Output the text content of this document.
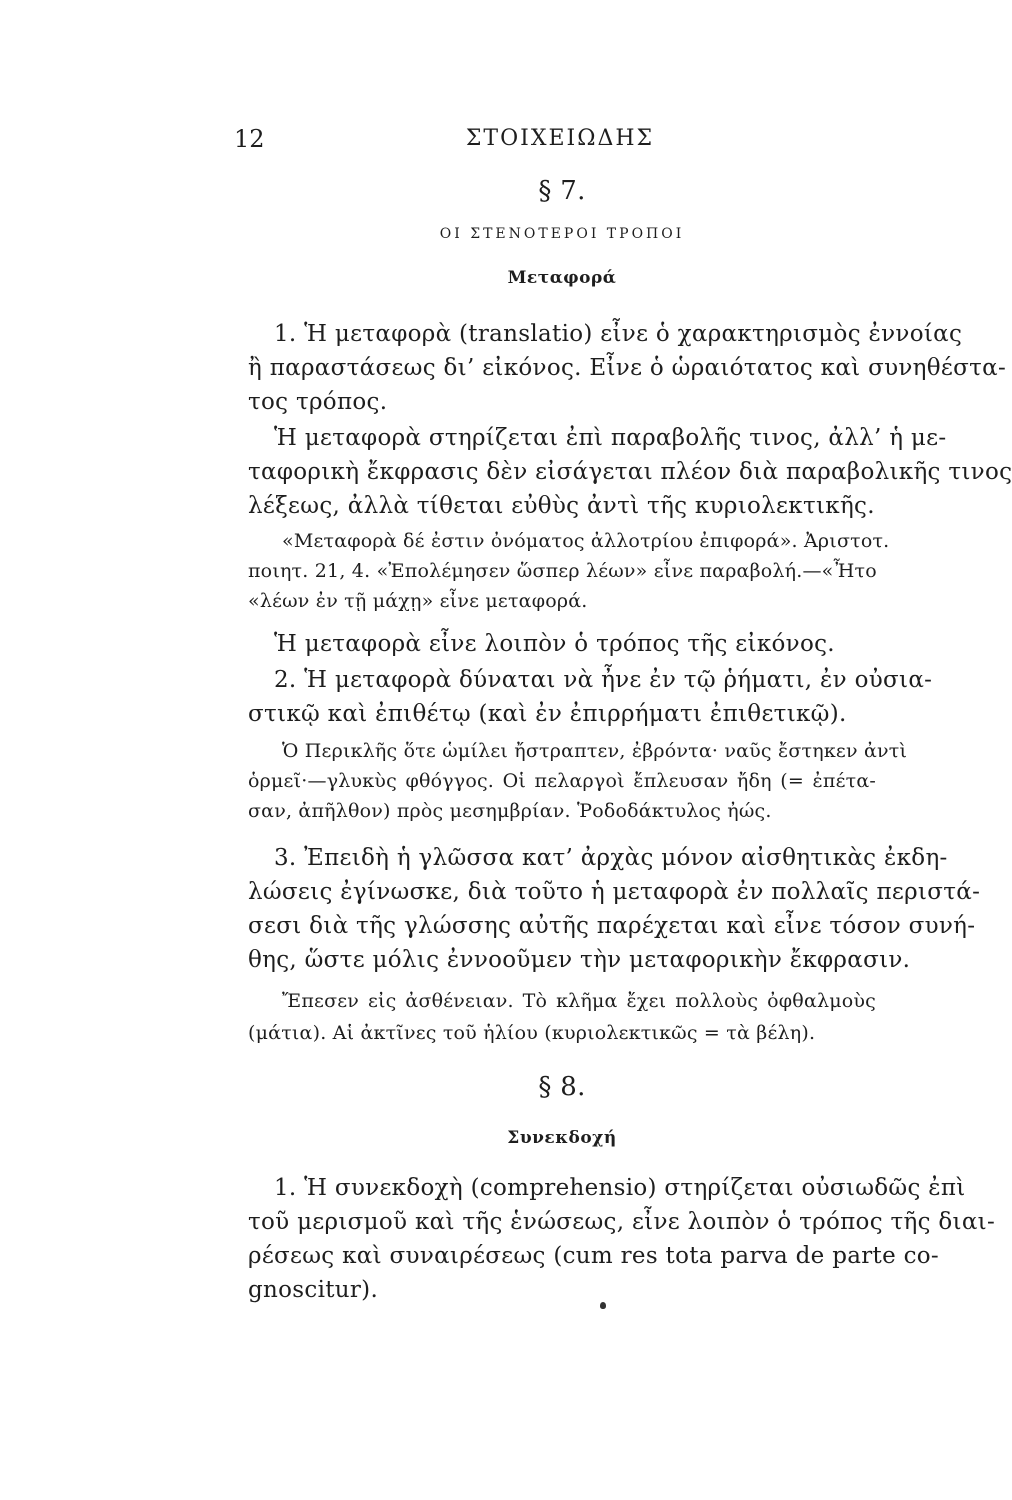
12	ΣΤΟΙΧΕΙΩΔΗΣ
§ 7.
ΟΙ ΣΤΕΝΟΤΕΡΟΙ ΤΡΟΠΟΙ
Μεταφορά
1. Ἡ μεταφορὰ (translatio) εἶνε ὁ χαρακτηρισμὸς ἐννοίας
ἢ παραστάσεως δι’ εἰκόνος. Εἶνε ὁ ὡραιότατος καὶ συνηθέστα-
τος τρόπος.
Ἡ μεταφορὰ στηρίζεται ἐπὶ παραβολῆς τινος, ἀλλ’ ἡ με-
ταφορικὴ ἔκφρασις δὲν εἰσάγεται πλέον διὰ παραβολικῆς τινος
λέξεως, ἀλλὰ τίθεται εὐθὺς ἀντὶ τῆς κυριολεκτικῆς.
«Μεταφορὰ δέ ἐστιν ὀνόματος ἀλλοτρίου ἐπιφορά». Ἀριστοτ.
ποιητ. 21, 4. «Ἐπολέμησεν ὥσπερ λέων» εἶνε παραβολή.—«Ἦτο
«λέων ἐν τῇ μάχῃ» εἶνε μεταφορά.
Ἡ μεταφορὰ εἶνε λοιπὸν ὁ τρόπος τῆς εἰκόνος.
2. Ἡ μεταφορὰ δύναται νὰ ἦνε ἐν τῷ ῥήματι, ἐν οὐσια-
στικῷ καὶ ἐπιθέτῳ (καὶ ἐν ἐπιρρήματι ἐπιθετικῷ).
Ὁ Περικλῆς ὅτε ὡμίλει ἤστραπτεν, ἐβρόντα· ναῦς ἔστηκεν ἀντὶ
ὁρμεῖ·—γλυκὺς φθόγγος. Οἱ πελαργοὶ ἔπλευσαν ἤδη (= ἐπέτα-
σαν, ἀπῆλθον) πρὸς μεσημβρίαν. Ῥοδοδάκτυλος ἠώς.
3. Ἐπειδὴ ἡ γλῶσσα κατ’ ἀρχὰς μόνον αἰσθητικὰς ἐκδη-
λώσεις ἐγίνωσκε, διὰ τοῦτο ἡ μεταφορὰ ἐν πολλαῖς περιστά-
σεσι διὰ τῆς γλώσσης αὐτῆς παρέχεται καὶ εἶνε τόσον συνή-
θης, ὥστε μόλις ἐννοοῦμεν τὴν μεταφορικὴν ἔκφρασιν.
Ἔπεσεν εἰς ἀσθένειαν. Τὸ κλῆμα ἔχει πολλοὺς ὀφθαλμοὺς
(μάτια). Αἱ ἀκτῖνες τοῦ ἡλίου (κυριολεκτικῶς = τὰ βέλη).
§ 8.
Συνεκδοχή
1. Ἡ συνεκδοχὴ (comprehensio) στηρίζεται οὐσιωδῶς ἐπὶ
τοῦ μερισμοῦ καὶ τῆς ἑνώσεως, εἶνε λοιπὸν ὁ τρόπος τῆς διαι-
ρέσεως καὶ συναιρέσεως (cum res tota parva de parte co-
gnoscitur).
